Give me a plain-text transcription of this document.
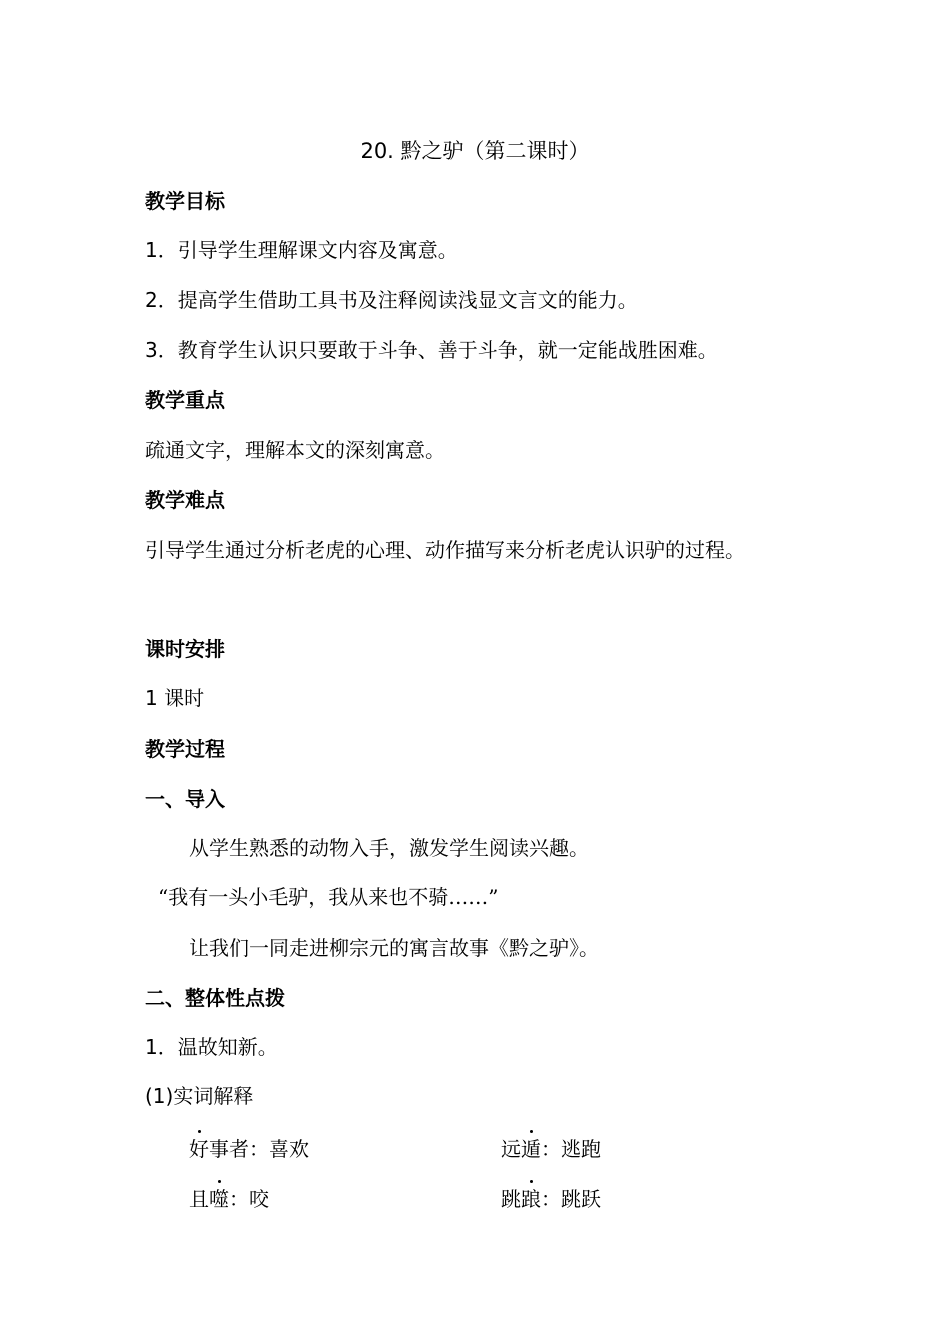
20. 黔之驴（第二课时）
教学目标
1．引导学生理解课文内容及寓意。
2．提高学生借助工具书及注释阅读浅显文言文的能力。
3．教育学生认识只要敢于斗争、善于斗争，就一定能战胜困难。
教学重点
疏通文字，理解本文的深刻寓意。
教学难点
引导学生通过分析老虎的心理、动作描写来分析老虎认识驴的过程。
课时安排
1 课时
教学过程
一、导入
从学生熟悉的动物入手，激发学生阅读兴趣。
“我有一头小毛驴，我从来也不骑……”
让我们一同走进柳宗元的寓言故事《黔之驴》。
二、整体性点拨
1．温故知新。
(1)实词解释
好事者：喜欢	远遁：逃跑
且噬：咬	跳踉：跳跃
